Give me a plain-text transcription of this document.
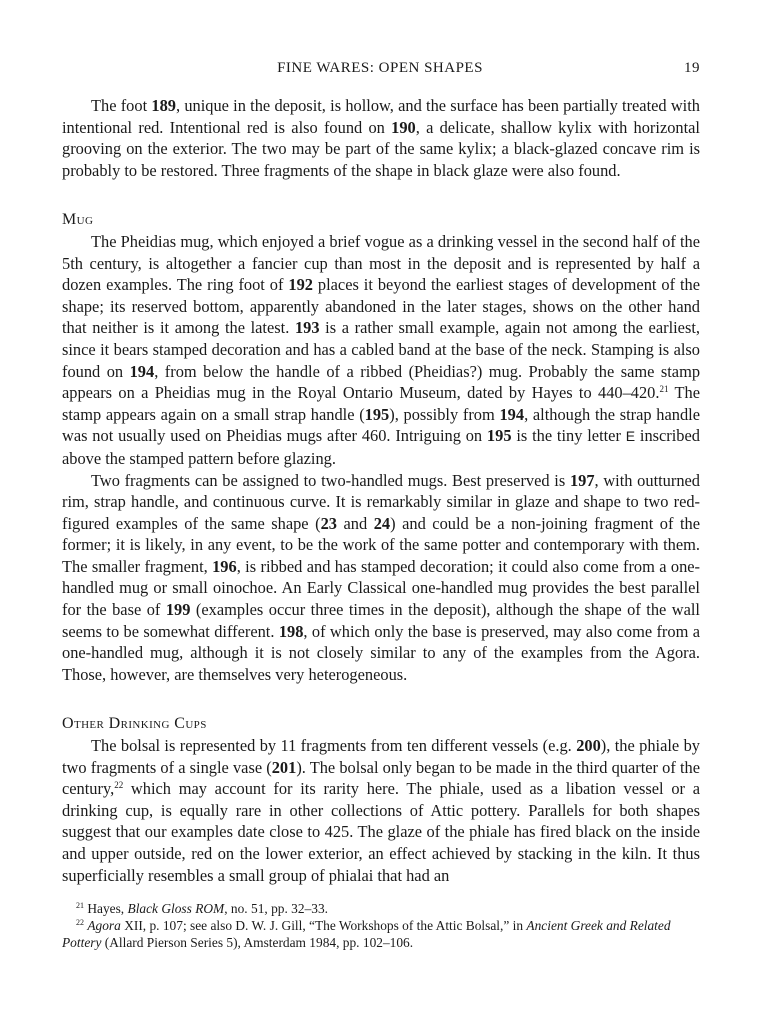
FINE WARES: OPEN SHAPES	19

The foot 189, unique in the deposit, is hollow, and the surface has been partially treated with intentional red. Intentional red is also found on 190, a delicate, shallow kylix with horizontal grooving on the exterior. The two may be part of the same kylix; a black-glazed concave rim is probably to be restored. Three fragments of the shape in black glaze were also found.

Mug

The Pheidias mug, which enjoyed a brief vogue as a drinking vessel in the second half of the 5th century, is altogether a fancier cup than most in the deposit and is represented by half a dozen examples. The ring foot of 192 places it beyond the earliest stages of development of the shape; its reserved bottom, apparently abandoned in the later stages, shows on the other hand that neither is it among the latest. 193 is a rather small example, again not among the earliest, since it bears stamped decoration and has a cabled band at the base of the neck. Stamping is also found on 194, from below the handle of a ribbed (Pheidias?) mug. Probably the same stamp appears on a Pheidias mug in the Royal Ontario Museum, dated by Hayes to 440–420.21 The stamp appears again on a small strap handle (195), possibly from 194, although the strap handle was not usually used on Pheidias mugs after 460. Intriguing on 195 is the tiny letter E inscribed above the stamped pattern before glazing.

Two fragments can be assigned to two-handled mugs. Best preserved is 197, with outturned rim, strap handle, and continuous curve. It is remarkably similar in glaze and shape to two red-figured examples of the same shape (23 and 24) and could be a non-joining fragment of the former; it is likely, in any event, to be the work of the same potter and contemporary with them. The smaller fragment, 196, is ribbed and has stamped decoration; it could also come from a one-handled mug or small oinochoe. An Early Classical one-handled mug provides the best parallel for the base of 199 (examples occur three times in the deposit), although the shape of the wall seems to be somewhat different. 198, of which only the base is preserved, may also come from a one-handled mug, although it is not closely similar to any of the examples from the Agora. Those, however, are themselves very heterogeneous.

Other Drinking Cups

The bolsal is represented by 11 fragments from ten different vessels (e.g. 200), the phiale by two fragments of a single vase (201). The bolsal only began to be made in the third quarter of the century,$^{22}$ which may account for its rarity here. The phiale, used as a libation vessel or a drinking cup, is equally rare in other collections of Attic pottery. Parallels for both shapes suggest that our examples date close to 425. The glaze of the phiale has fired black on the inside and upper outside, red on the lower exterior, an effect achieved by stacking in the kiln. It thus superficially resembles a small group of phialai that had an

$^{21}$ Hayes, Black Gloss ROM, no. 51, pp. 32–33.

$^{22}$ Agora XII, p. 107; see also D. W. J. Gill, “The Workshops of the Attic Bolsal,” in Ancient Greek and Related Pottery (Allard Pierson Series 5), Amsterdam 1984, pp. 102–106.
